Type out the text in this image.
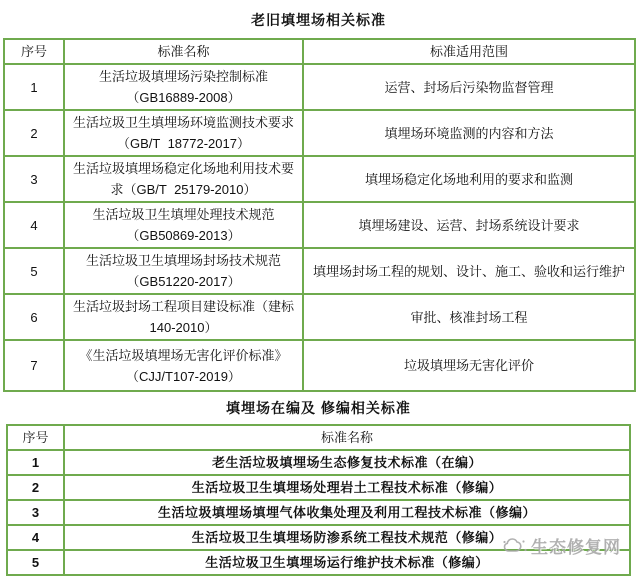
老旧填埋场相关标准
序号	标准名称	标准适用范围
1	生活垃圾填埋场污染控制标准（GB16889-2008）	运营、封场后污染物监督管理
2	生活垃圾卫生填埋场环境监测技术要求（GB/T  18772-2017）	填埋场环境监测的内容和方法
3	生活垃圾填埋场稳定化场地利用技术要求（GB/T  25179-2010）	填埋场稳定化场地利用的要求和监测
4	生活垃圾卫生填埋处理技术规范（GB50869-2013）	填埋场建设、运营、封场系统设计要求
5	生活垃圾卫生填埋场封场技术规范（GB51220-2017）	填埋场封场工程的规划、设计、施工、验收和运行维护
6	生活垃圾封场工程项目建设标准（建标 140-2010）	审批、核准封场工程
7	《生活垃圾填埋场无害化评价标准》（CJJ/T107-2019）	垃圾填埋场无害化评价
填埋场在编及 修编相关标准
序号	标准名称
1	老生活垃圾填埋场生态修复技术标准（在编）
2	生活垃圾卫生填埋场处理岩土工程技术标准（修编）
3	生活垃圾填埋场填埋气体收集处理及利用工程技术标准（修编）
4	生活垃圾卫生填埋场防渗系统工程技术规范（修编）
5	生活垃圾卫生填埋场运行维护技术标准（修编）
生态修复网
